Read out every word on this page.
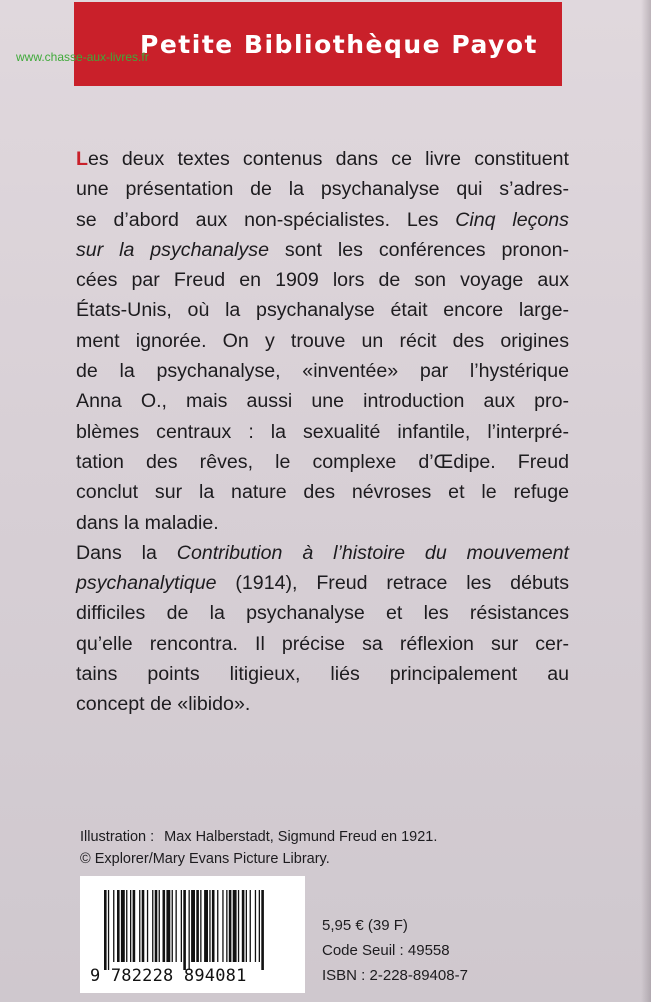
Petite Bibliothèque Payot
www.chasse-aux-livres.fr
Les deux textes contenus dans ce livre constituent
une présentation de la psychanalyse qui s’adres-
se d’abord aux non-spécialistes. Les Cinq leçons
sur la psychanalyse sont les conférences pronon-
cées par Freud en 1909 lors de son voyage aux
États-Unis, où la psychanalyse était encore large-
ment ignorée. On y trouve un récit des origines
de la psychanalyse, «inventée» par l’hystérique
Anna O., mais aussi une introduction aux pro-
blèmes centraux : la sexualité infantile, l’interpré-
tation des rêves, le complexe d’Œdipe. Freud
conclut sur la nature des névroses et le refuge
dans la maladie.
Dans la Contribution à l’histoire du mouvement
psychanalytique (1914), Freud retrace les débuts
difficiles de la psychanalyse et les résistances
qu’elle rencontra. Il précise sa réflexion sur cer-
tains points litigieux, liés principalement au
concept de «libido».
Illustration : Max Halberstadt, Sigmund Freud en 1921.
© Explorer/Mary Evans Picture Library.
9 782228 894081
5,95 € (39 F)
Code Seuil : 49558
ISBN : 2-228-89408-7
